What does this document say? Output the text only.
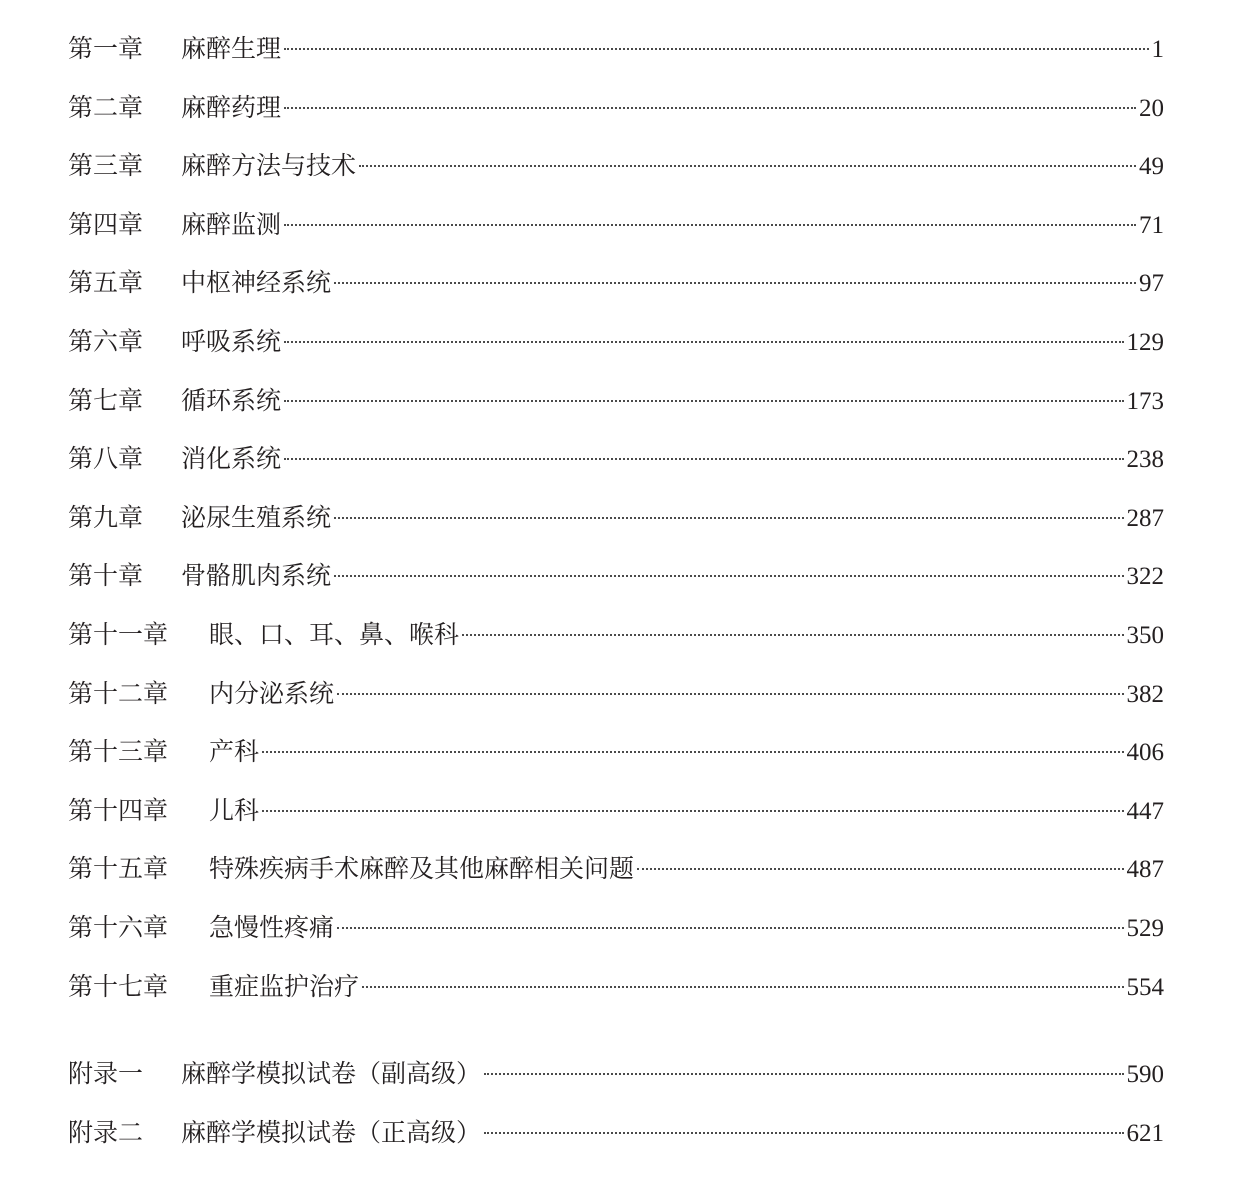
第一章	麻醉生理	1
第二章	麻醉药理	20
第三章	麻醉方法与技术	49
第四章	麻醉监测	71
第五章	中枢神经系统	97
第六章	呼吸系统	129
第七章	循环系统	173
第八章	消化系统	238
第九章	泌尿生殖系统	287
第十章	骨骼肌肉系统	322
第十一章	眼、口、耳、鼻、喉科	350
第十二章	内分泌系统	382
第十三章	产科	406
第十四章	儿科	447
第十五章	特殊疾病手术麻醉及其他麻醉相关问题	487
第十六章	急慢性疼痛	529
第十七章	重症监护治疗	554
附录一	麻醉学模拟试卷（副高级）	590
附录二	麻醉学模拟试卷（正高级）	621
